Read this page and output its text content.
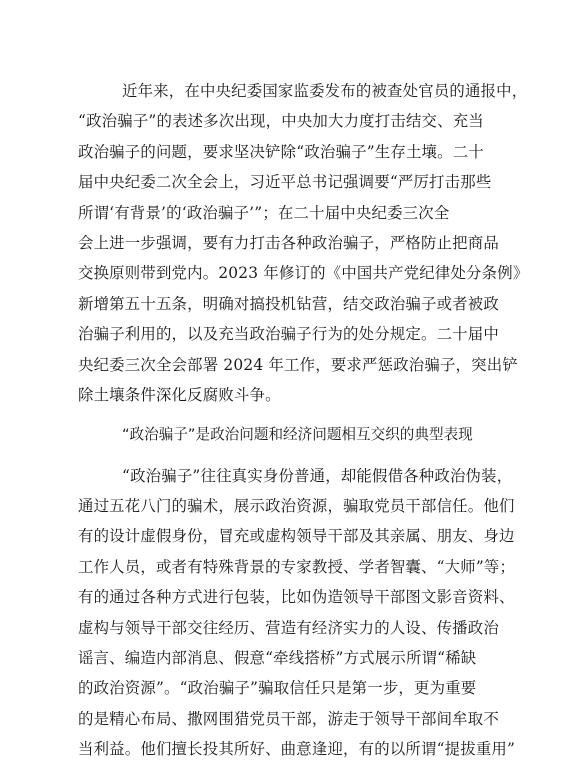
近年来，在中央纪委国家监委发布的被查处官员的通报中，
“政治骗子”的表述多次出现，中央加大力度打击结交、充当
政治骗子的问题，要求坚决铲除“政治骗子”生存土壤。二十
届中央纪委二次全会上，习近平总书记强调要“严厉打击那些
所谓‘有背景’的‘政治骗子’”；在二十届中央纪委三次全
会上进一步强调，要有力打击各种政治骗子，严格防止把商品
交换原则带到党内。2023 年修订的《中国共产党纪律处分条例》
新增第五十五条，明确对搞投机钻营，结交政治骗子或者被政
治骗子利用的，以及充当政治骗子行为的处分规定。二十届中
央纪委三次全会部署 2024 年工作，要求严惩政治骗子，突出铲
除土壤条件深化反腐败斗争。
“政治骗子”是政治问题和经济问题相互交织的典型表现
“政治骗子”往往真实身份普通，却能假借各种政治伪装，
通过五花八门的骗术，展示政治资源，骗取党员干部信任。他们
有的设计虚假身份，冒充或虚构领导干部及其亲属、朋友、身边
工作人员，或者有特殊背景的专家教授、学者智囊、“大师”等；
有的通过各种方式进行包装，比如伪造领导干部图文影音资料、
虚构与领导干部交往经历、营造有经济实力的人设、传播政治
谣言、编造内部消息、假意“牵线搭桥”方式展示所谓“稀缺
的政治资源”。“政治骗子”骗取信任只是第一步，更为重要
的是精心布局、撒网围猎党员干部，游走于领导干部间牟取不
当利益。他们擅长投其所好、曲意逢迎，有的以所谓“提拔重用”
